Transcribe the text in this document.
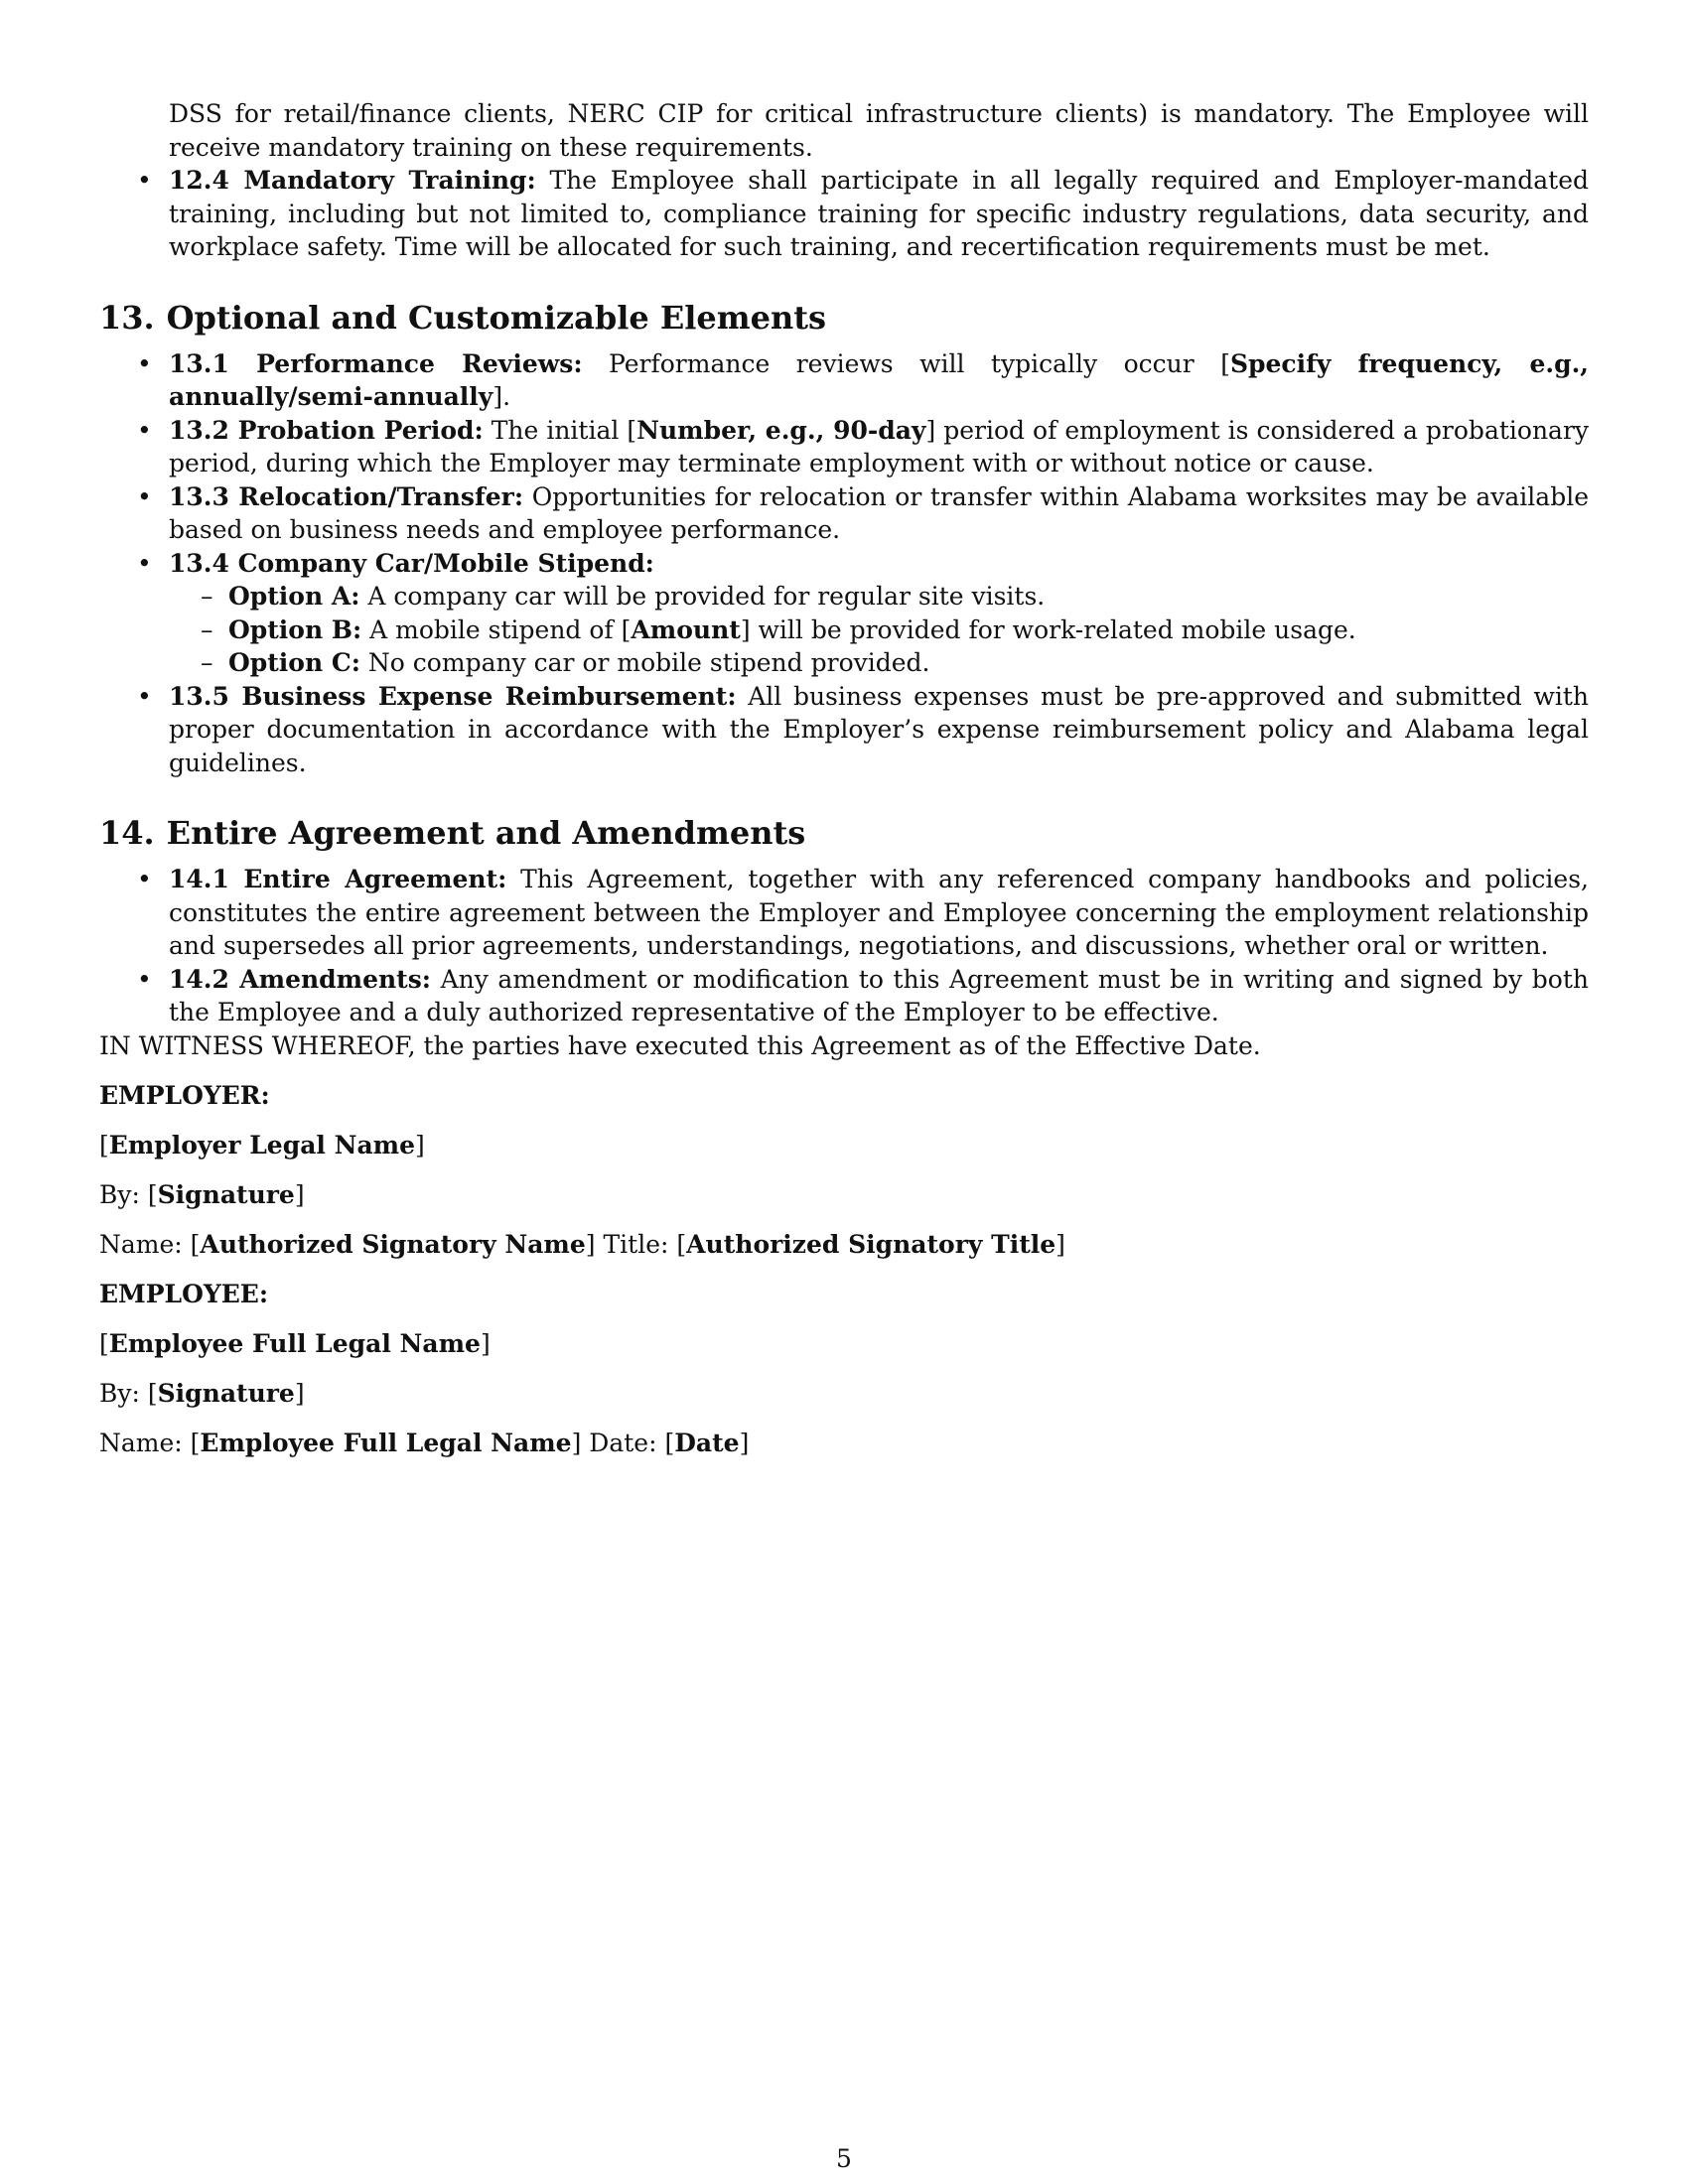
DSS for retail/finance clients, NERC CIP for critical infrastructure clients) is mandatory. The Employee will receive mandatory training on these requirements.

• 12.4 Mandatory Training: The Employee shall participate in all legally required and Employer-mandated training, including but not limited to, compliance training for specific industry regulations, data security, and workplace safety. Time will be allocated for such training, and recertification requirements must be met.
13. Optional and Customizable Elements
• 13.1 Performance Reviews: Performance reviews will typically occur [Specify frequency, e.g., annually/semi-annually].
• 13.2 Probation Period: The initial [Number, e.g., 90-day] period of employment is considered a probationary period, during which the Employer may terminate employment with or without notice or cause.
• 13.3 Relocation/Transfer: Opportunities for relocation or transfer within Alabama worksites may be available based on business needs and employee performance.
• 13.4 Company Car/Mobile Stipend:
– Option A: A company car will be provided for regular site visits.
– Option B: A mobile stipend of [Amount] will be provided for work-related mobile usage.
– Option C: No company car or mobile stipend provided.
• 13.5 Business Expense Reimbursement: All business expenses must be pre-approved and submitted with proper documentation in accordance with the Employer’s expense reimbursement policy and Alabama legal guidelines.
14. Entire Agreement and Amendments
• 14.1 Entire Agreement: This Agreement, together with any referenced company handbooks and policies, constitutes the entire agreement between the Employer and Employee concerning the employment relationship and supersedes all prior agreements, understandings, negotiations, and discussions, whether oral or written.
• 14.2 Amendments: Any amendment or modification to this Agreement must be in writing and signed by both the Employee and a duly authorized representative of the Employer to be effective.

IN WITNESS WHEREOF, the parties have executed this Agreement as of the Effective Date.

EMPLOYER:

[Employer Legal Name]

By: [Signature]

Name: [Authorized Signatory Name] Title: [Authorized Signatory Title]

EMPLOYEE:

[Employee Full Legal Name]

By: [Signature]

Name: [Employee Full Legal Name] Date: [Date]

5
